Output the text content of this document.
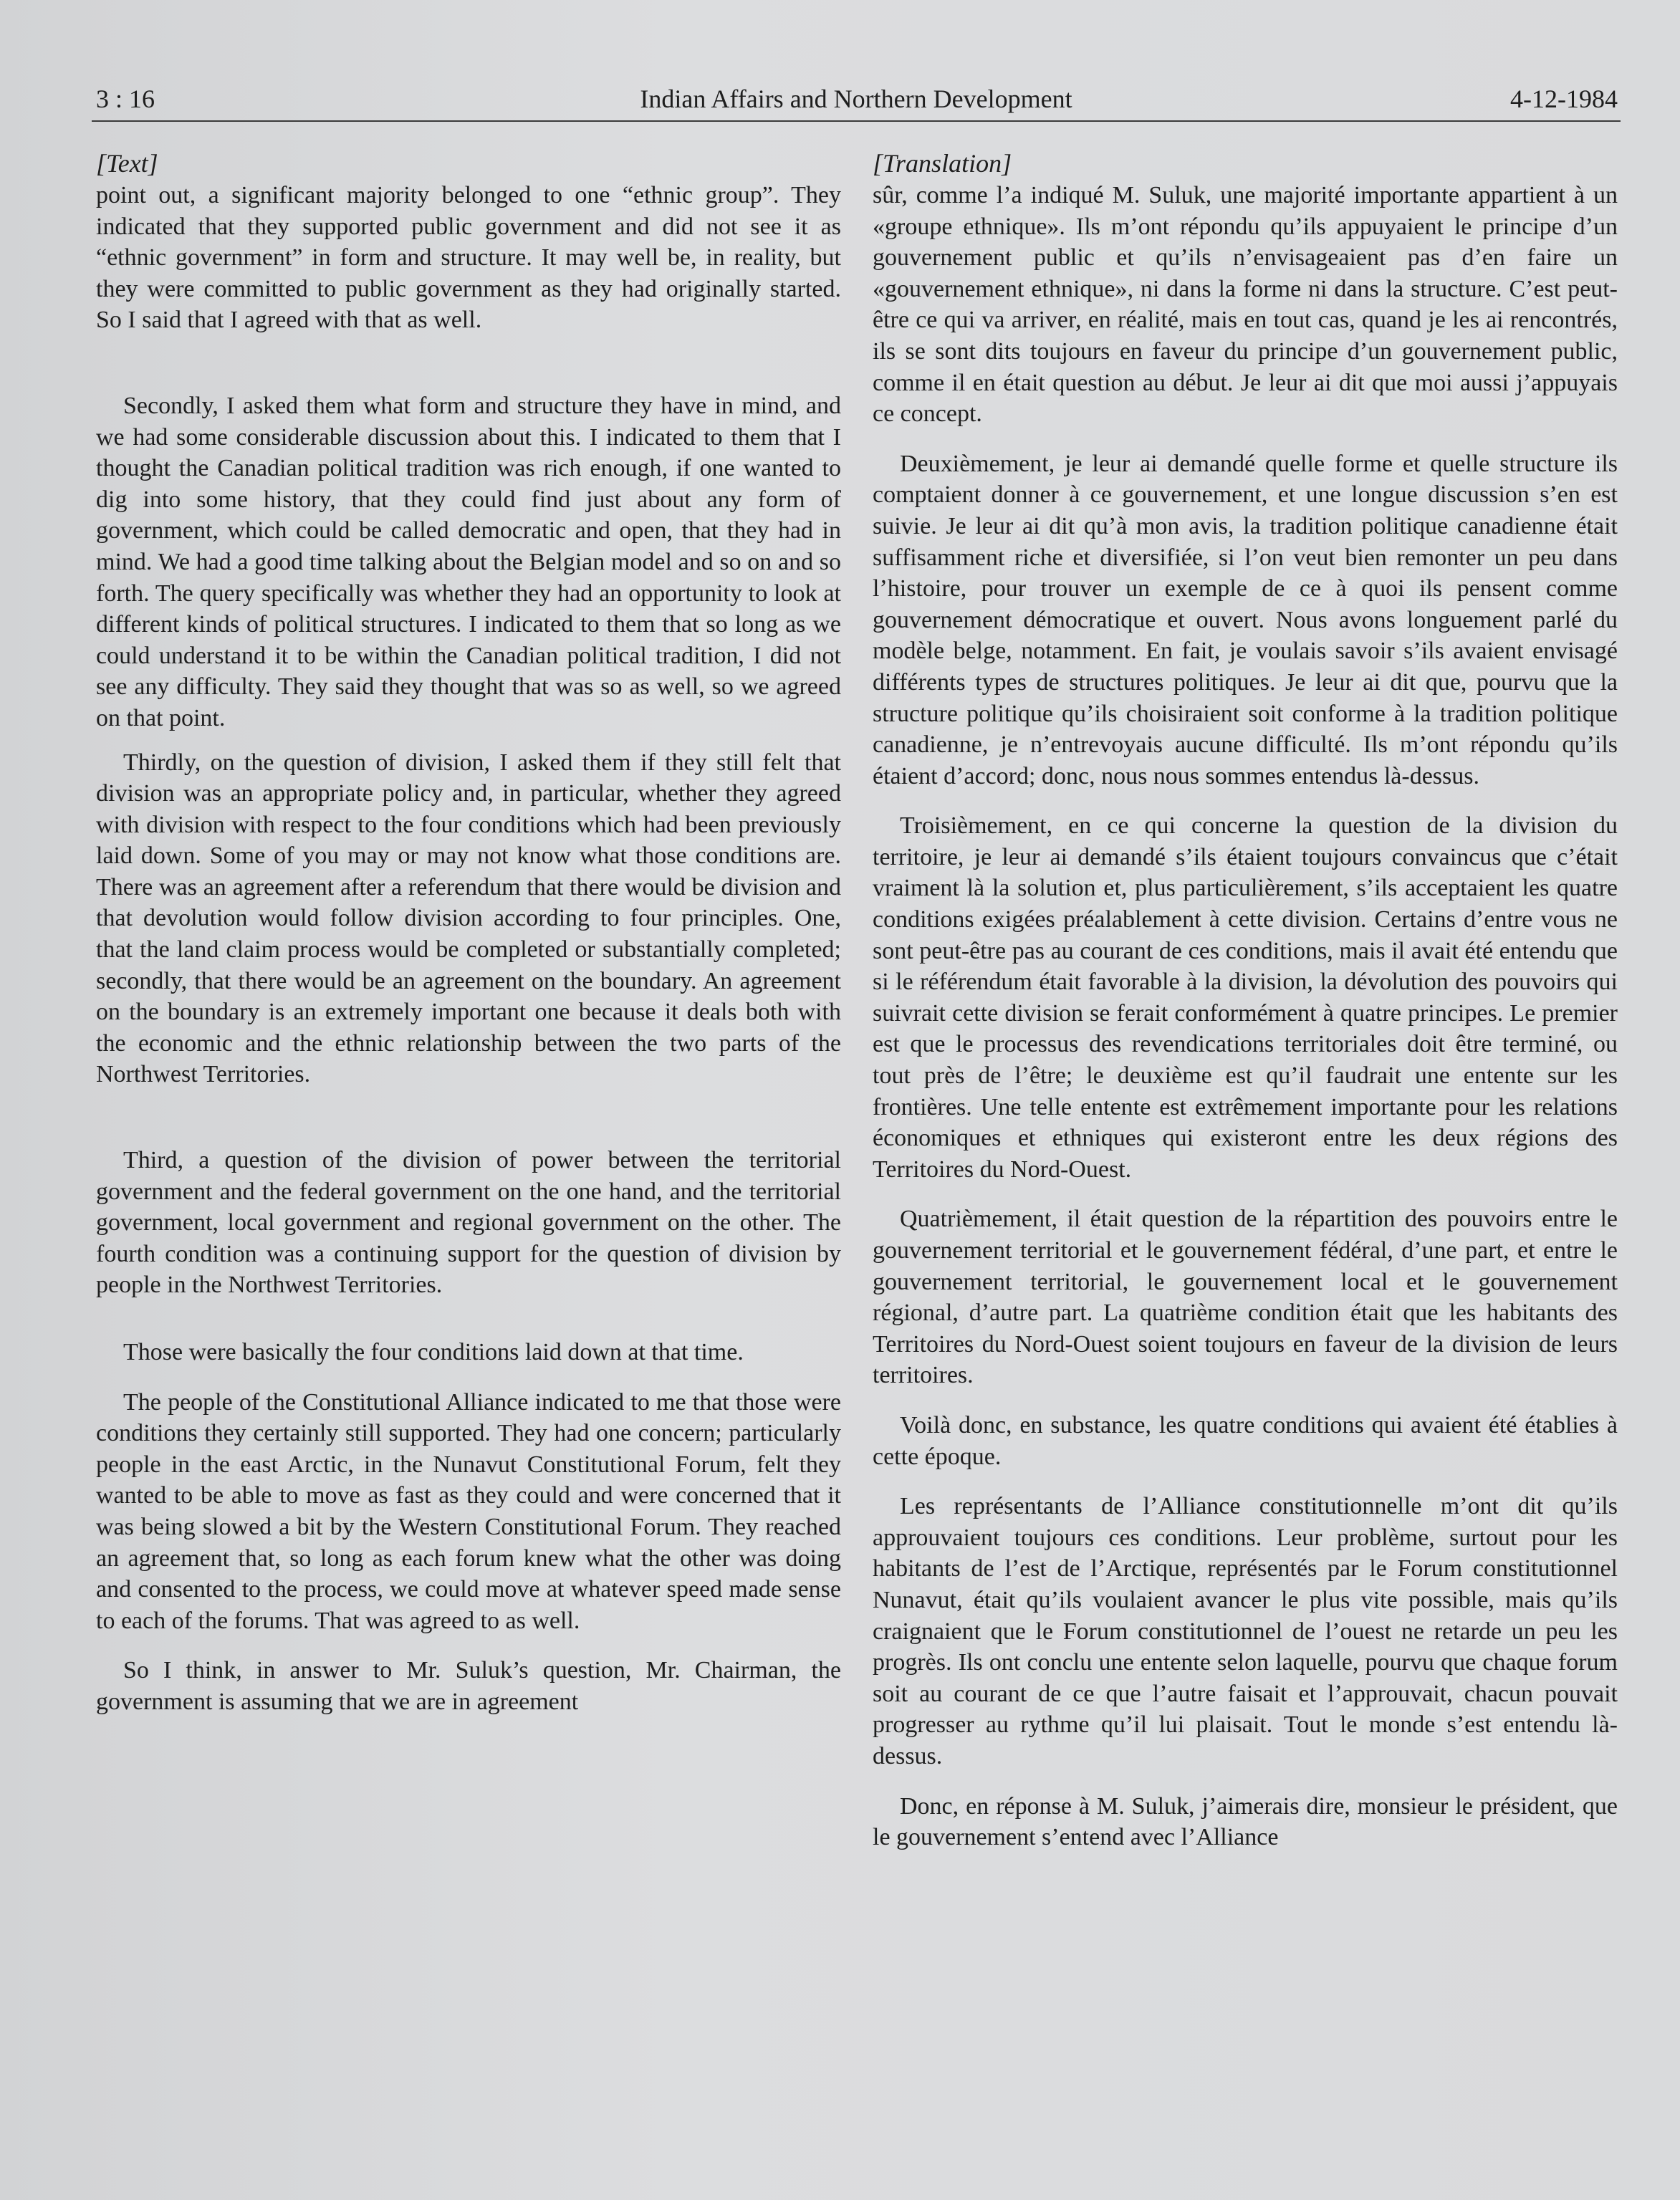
3 : 16	Indian Affairs and Northern Development	4-12-1984

[Text]

point out, a significant majority belonged to one “ethnic group”. They indicated that they supported public government and did not see it as “ethnic government” in form and structure. It may well be, in reality, but they were committed to public government as they had originally started. So I said that I agreed with that as well.

Secondly, I asked them what form and structure they have in mind, and we had some considerable discussion about this. I indicated to them that I thought the Canadian political tradition was rich enough, if one wanted to dig into some history, that they could find just about any form of government, which could be called democratic and open, that they had in mind. We had a good time talking about the Belgian model and so on and so forth. The query specifically was whether they had an opportunity to look at different kinds of political structures. I indicated to them that so long as we could understand it to be within the Canadian political tradition, I did not see any difficulty. They said they thought that was so as well, so we agreed on that point.

Thirdly, on the question of division, I asked them if they still felt that division was an appropriate policy and, in particular, whether they agreed with division with respect to the four conditions which had been previously laid down. Some of you may or may not know what those conditions are. There was an agreement after a referendum that there would be division and that devolution would follow division according to four principles. One, that the land claim process would be completed or substantially completed; secondly, that there would be an agreement on the boundary. An agreement on the boundary is an extremely important one because it deals both with the economic and the ethnic relationship between the two parts of the Northwest Territories.

Third, a question of the division of power between the territorial government and the federal government on the one hand, and the territorial government, local government and regional government on the other. The fourth condition was a continuing support for the question of division by people in the Northwest Territories.

Those were basically the four conditions laid down at that time.

The people of the Constitutional Alliance indicated to me that those were conditions they certainly still supported. They had one concern; particularly people in the east Arctic, in the Nunavut Constitutional Forum, felt they wanted to be able to move as fast as they could and were concerned that it was being slowed a bit by the Western Constitutional Forum. They reached an agreement that, so long as each forum knew what the other was doing and consented to the process, we could move at whatever speed made sense to each of the forums. That was agreed to as well.

So I think, in answer to Mr. Suluk’s question, Mr. Chairman, the government is assuming that we are in agreement

[Translation]

sûr, comme l’a indiqué M. Suluk, une majorité importante appartient à un «groupe ethnique». Ils m’ont répondu qu’ils appuyaient le principe d’un gouvernement public et qu’ils n’envisageaient pas d’en faire un «gouvernement ethnique», ni dans la forme ni dans la structure. C’est peut-être ce qui va arriver, en réalité, mais en tout cas, quand je les ai rencontrés, ils se sont dits toujours en faveur du principe d’un gouvernement public, comme il en était question au début. Je leur ai dit que moi aussi j’appuyais ce concept.

Deuxièmement, je leur ai demandé quelle forme et quelle structure ils comptaient donner à ce gouvernement, et une longue discussion s’en est suivie. Je leur ai dit qu’à mon avis, la tradition politique canadienne était suffisamment riche et diversifiée, si l’on veut bien remonter un peu dans l’histoire, pour trouver un exemple de ce à quoi ils pensent comme gouvernement démocratique et ouvert. Nous avons longuement parlé du modèle belge, notamment. En fait, je voulais savoir s’ils avaient envisagé différents types de structures politiques. Je leur ai dit que, pourvu que la structure politique qu’ils choisiraient soit conforme à la tradition politique canadienne, je n’entrevoyais aucune difficulté. Ils m’ont répondu qu’ils étaient d’accord; donc, nous nous sommes entendus là-dessus.

Troisièmement, en ce qui concerne la question de la division du territoire, je leur ai demandé s’ils étaient toujours convaincus que c’était vraiment là la solution et, plus particulièrement, s’ils acceptaient les quatre conditions exigées préalablement à cette division. Certains d’entre vous ne sont peut-être pas au courant de ces conditions, mais il avait été entendu que si le référendum était favorable à la division, la dévolution des pouvoirs qui suivrait cette division se ferait conformément à quatre principes. Le premier est que le processus des revendications territoriales doit être terminé, ou tout près de l’être; le deuxième est qu’il faudrait une entente sur les frontières. Une telle entente est extrêmement importante pour les relations économiques et ethniques qui existeront entre les deux régions des Territoires du Nord-Ouest.

Quatrièmement, il était question de la répartition des pouvoirs entre le gouvernement territorial et le gouvernement fédéral, d’une part, et entre le gouvernement territorial, le gouvernement local et le gouvernement régional, d’autre part. La quatrième condition était que les habitants des Territoires du Nord-Ouest soient toujours en faveur de la division de leurs territoires.

Voilà donc, en substance, les quatre conditions qui avaient été établies à cette époque.

Les représentants de l’Alliance constitutionnelle m’ont dit qu’ils approuvaient toujours ces conditions. Leur problème, surtout pour les habitants de l’est de l’Arctique, représentés par le Forum constitutionnel Nunavut, était qu’ils voulaient avancer le plus vite possible, mais qu’ils craignaient que le Forum constitutionnel de l’ouest ne retarde un peu les progrès. Ils ont conclu une entente selon laquelle, pourvu que chaque forum soit au courant de ce que l’autre faisait et l’approuvait, chacun pouvait progresser au rythme qu’il lui plaisait. Tout le monde s’est entendu là-dessus.

Donc, en réponse à M. Suluk, j’aimerais dire, monsieur le président, que le gouvernement s’entend avec l’Alliance
